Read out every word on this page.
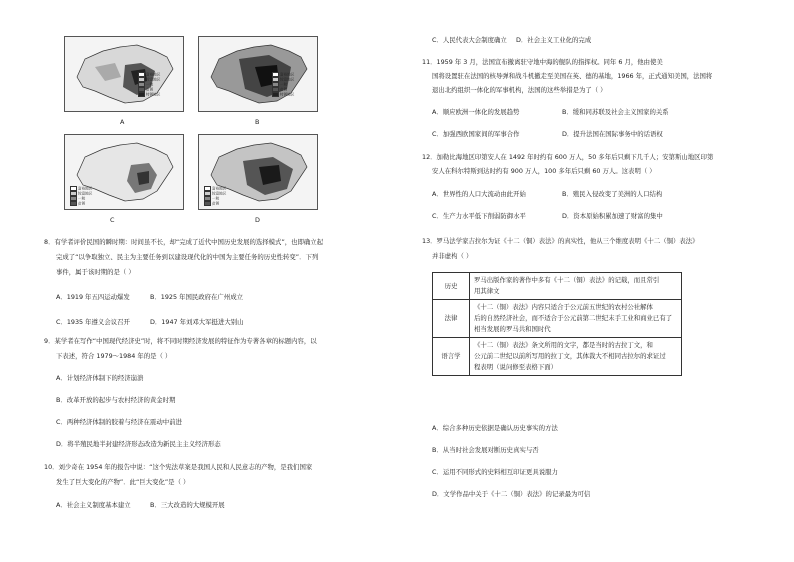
富裕地区
较富地区
一般
贫困
特困地区
A
富裕地区
较富地区
一般
贫困
特困地区
B
富裕地区
较富地区
一般
贫困
C
富裕地区
较富地区
一般
贫困
D
8．有学者评价民国的瞬时期：时间虽不长，却“完成了近代中国历史发展的选择模式”，也即确立起
完成了“以争取独立、民主为主要任务到以建设现代化的中国为主要任务的历史性转变”．下列
事件，属于该时期的是（ ）
A．1919 年五四运动爆发	B．1925 年国民政府在广州成立
C．1935 年遵义会议召开	D．1947 年刘邓大军挺进大别山
9．某学者在写作“中国现代经济史”时，将不同时期经济发展的特征作为专著各章的标题内容，以
下表述，符合 1979～1984 年的是（ ）
A．计划经济体制下的经济崩溃
B．改革开放的起步与农村经济的黄金时期
C．两种经济体制的胶着与经济在震动中前进
D．将半殖民地半封建经济形态改造为新民主主义经济形态
10．刘少奇在 1954 年的报告中说：“这个宪法草案是我国人民和人民意志的产物，是我们国家
发生了巨大变化的产物”．此“巨大变化”是（ ）
A．社会主义制度基本建立	B．三大改造的大规模开展
C．人民代表大会制度确立 D．社会主义工业化的完成
11．1959 年 3 月，法国宣布撤离驻守地中海的舰队的指挥权。同年 6 月，他由使美
国将设置驻在法国的核导弹和战斗机撤走至美国在英、德的基地，1966 年，正式通知美国，法国将
退出北约组织一体化的军事机构，法国的这些举措是为了（ ）
A．顺应欧洲一体化的发展趋势	B．缓和同苏联及社会主义国家的关系
C．加强西欧国家间的军事合作	D．提升法国在国际事务中的话语权
12．加勒比海地区印第安人在 1492 年时约有 600 万人，50 多年后只剩下几千人；安第斯山地区印第
安人在科尔特斯到达时约有 900 万人，100 多年后只剩 60 万人。这表明（ ）
A．世界性的人口大流动由此开始	B．殖民入侵改变了美洲的人口结构
C．生产力水平低下削弱防御水平	D．资本原始积累加速了财富的集中
13．罗马法学家吉拉尔为证《十二（铜）表法》的真实性，他从三个维度表明《十二（铜）表法》
并非虚构（ ）
历史	罗马出版作家的著作中多有《十二（铜）表法》的记载，而且常引
用其律文

法律	《十二（铜）表法》内容只适合于公元前五世纪的农村公社解体
后的自然经济社会，而不适合于公元前第二世纪末手工业和商业已有了
相当发展的罗马共和国时代

语言学	《十二（铜）表法》条文所用的文字，都是当时的古拉丁文，和
公元前二世纪以前所写用的拉丁文，其体裁大不相同古拉尔的求证过
程表明（说问修至表格下面）
A．综合多种历史依据是确认历史事实的方法
B．从当时社会发展对断历史真实与否
C．运用不同形式的史料相互印证更具说服力
D．文学作品中关于《十二（铜）表法》的记录最为可信
